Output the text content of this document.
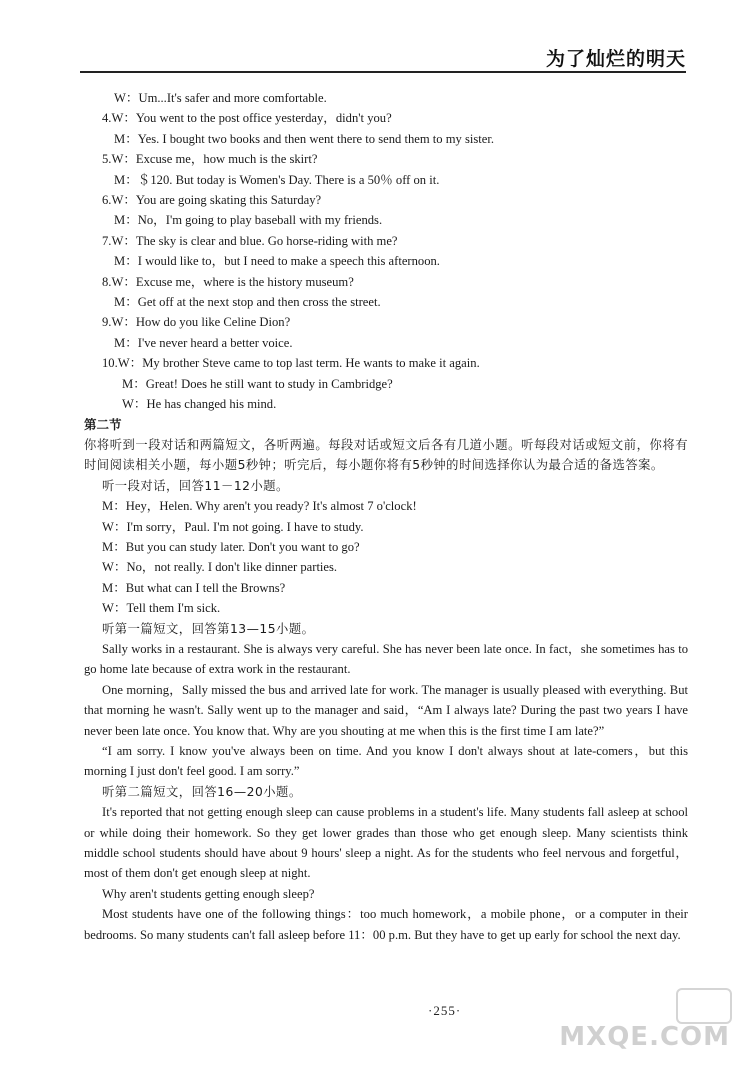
为了灿烂的明天

W：Um...It's safer and more comfortable.

4.W：You went to the post office yesterday，didn't you?

M：Yes. I bought two books and then went there to send them to my sister.

5.W：Excuse me，how much is the skirt?

M：＄120. But today is Women's Day. There is a 50％ off on it.

6.W：You are going skating this Saturday?

M：No，I'm going to play baseball with my friends.

7.W：The sky is clear and blue. Go horse-riding with me?

M：I would like to，but I need to make a speech this afternoon.

8.W：Excuse me，where is the history museum?

M：Get off at the next stop and then cross the street.

9.W：How do you like Celine Dion?

M：I've never heard a better voice.

10.W：My brother Steve came to top last term. He wants to make it again.

M：Great! Does he still want to study in Cambridge?

W：He has changed his mind.

第二节

你将听到一段对话和两篇短文，各听两遍。每段对话或短文后各有几道小题。听每段对话或短文前，你将有时间阅读相关小题，每小题5秒钟；听完后，每小题你将有5秒钟的时间选择你认为最合适的备选答案。

听一段对话，回答11－12小题。

M：Hey，Helen. Why aren't you ready? It's almost 7 o'clock!

W：I'm sorry，Paul. I'm not going. I have to study.

M：But you can study later. Don't you want to go?

W：No，not really. I don't like dinner parties.

M：But what can I tell the Browns?

W：Tell them I'm sick.

听第一篇短文，回答第13—15小题。

Sally works in a restaurant. She is always very careful. She has never been late once. In fact，she sometimes has to go home late because of extra work in the restaurant.

One morning，Sally missed the bus and arrived late for work. The manager is usually pleased with everything. But that morning he wasn't. Sally went up to the manager and said，“Am I always late? During the past two years I have never been late once. You know that. Why are you shouting at me when this is the first time I am late?”

“I am sorry. I know you've always been on time. And you know I don't always shout at late-comers，but this morning I just don't feel good. I am sorry.”

听第二篇短文，回答16—20小题。

It's reported that not getting enough sleep can cause problems in a student's life. Many students fall asleep at school or while doing their homework. So they get lower grades than those who get enough sleep. Many scientists think middle school students should have about 9 hours' sleep a night. As for the students who feel nervous and forgetful，most of them don't get enough sleep at night.

Why aren't students getting enough sleep?

Most students have one of the following things：too much homework，a mobile phone，or a computer in their bedrooms. So many students can't fall asleep before 11：00 p.m. But they have to get up early for school the next day.

·255·
MXQE.COM
